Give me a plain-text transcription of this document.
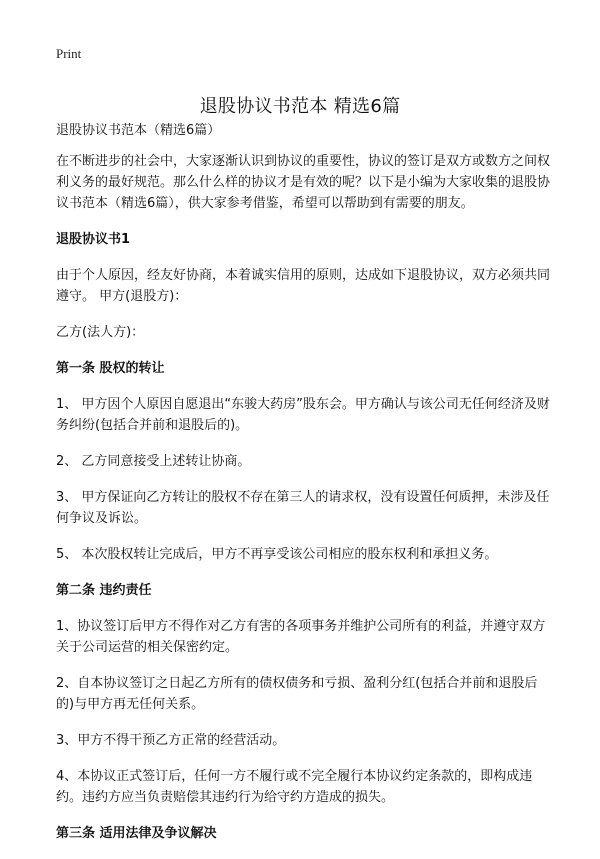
Print
退股协议书范本 精选6篇

退股协议书范本（精选6篇）

在不断进步的社会中，大家逐渐认识到协议的重要性，协议的签订是双方或数方之间权利义务的最好规范。那么什么样的协议才是有效的呢？以下是小编为大家收集的退股协议书范本（精选6篇），供大家参考借鉴，希望可以帮助到有需要的朋友。

退股协议书1

由于个人原因，经友好协商，本着诚实信用的原则，达成如下退股协议，双方必须共同遵守。 甲方(退股方)：

乙方(法人方)：

第一条 股权的转让

1、 甲方因个人原因自愿退出“东骏大药房”股东会。甲方确认与该公司无任何经济及财务纠纷(包括合并前和退股后的)。

2、 乙方同意接受上述转让协商。

3、 甲方保证向乙方转让的股权不存在第三人的请求权，没有设置任何质押，未涉及任何争议及诉讼。

5、 本次股权转让完成后，甲方不再享受该公司相应的股东权利和承担义务。

第二条 违约责任

1、协议签订后甲方不得作对乙方有害的各项事务并维护公司所有的利益，并遵守双方关于公司运营的相关保密约定。

2、自本协议签订之日起乙方所有的债权债务和亏损、盈利分红(包括合并前和退股后的)与甲方再无任何关系。

3、甲方不得干预乙方正常的经营活动。

4、本协议正式签订后，任何一方不履行或不完全履行本协议约定条款的，即构成违约。违约方应当负责赔偿其违约行为给守约方造成的损失。

第三条 适用法律及争议解决
